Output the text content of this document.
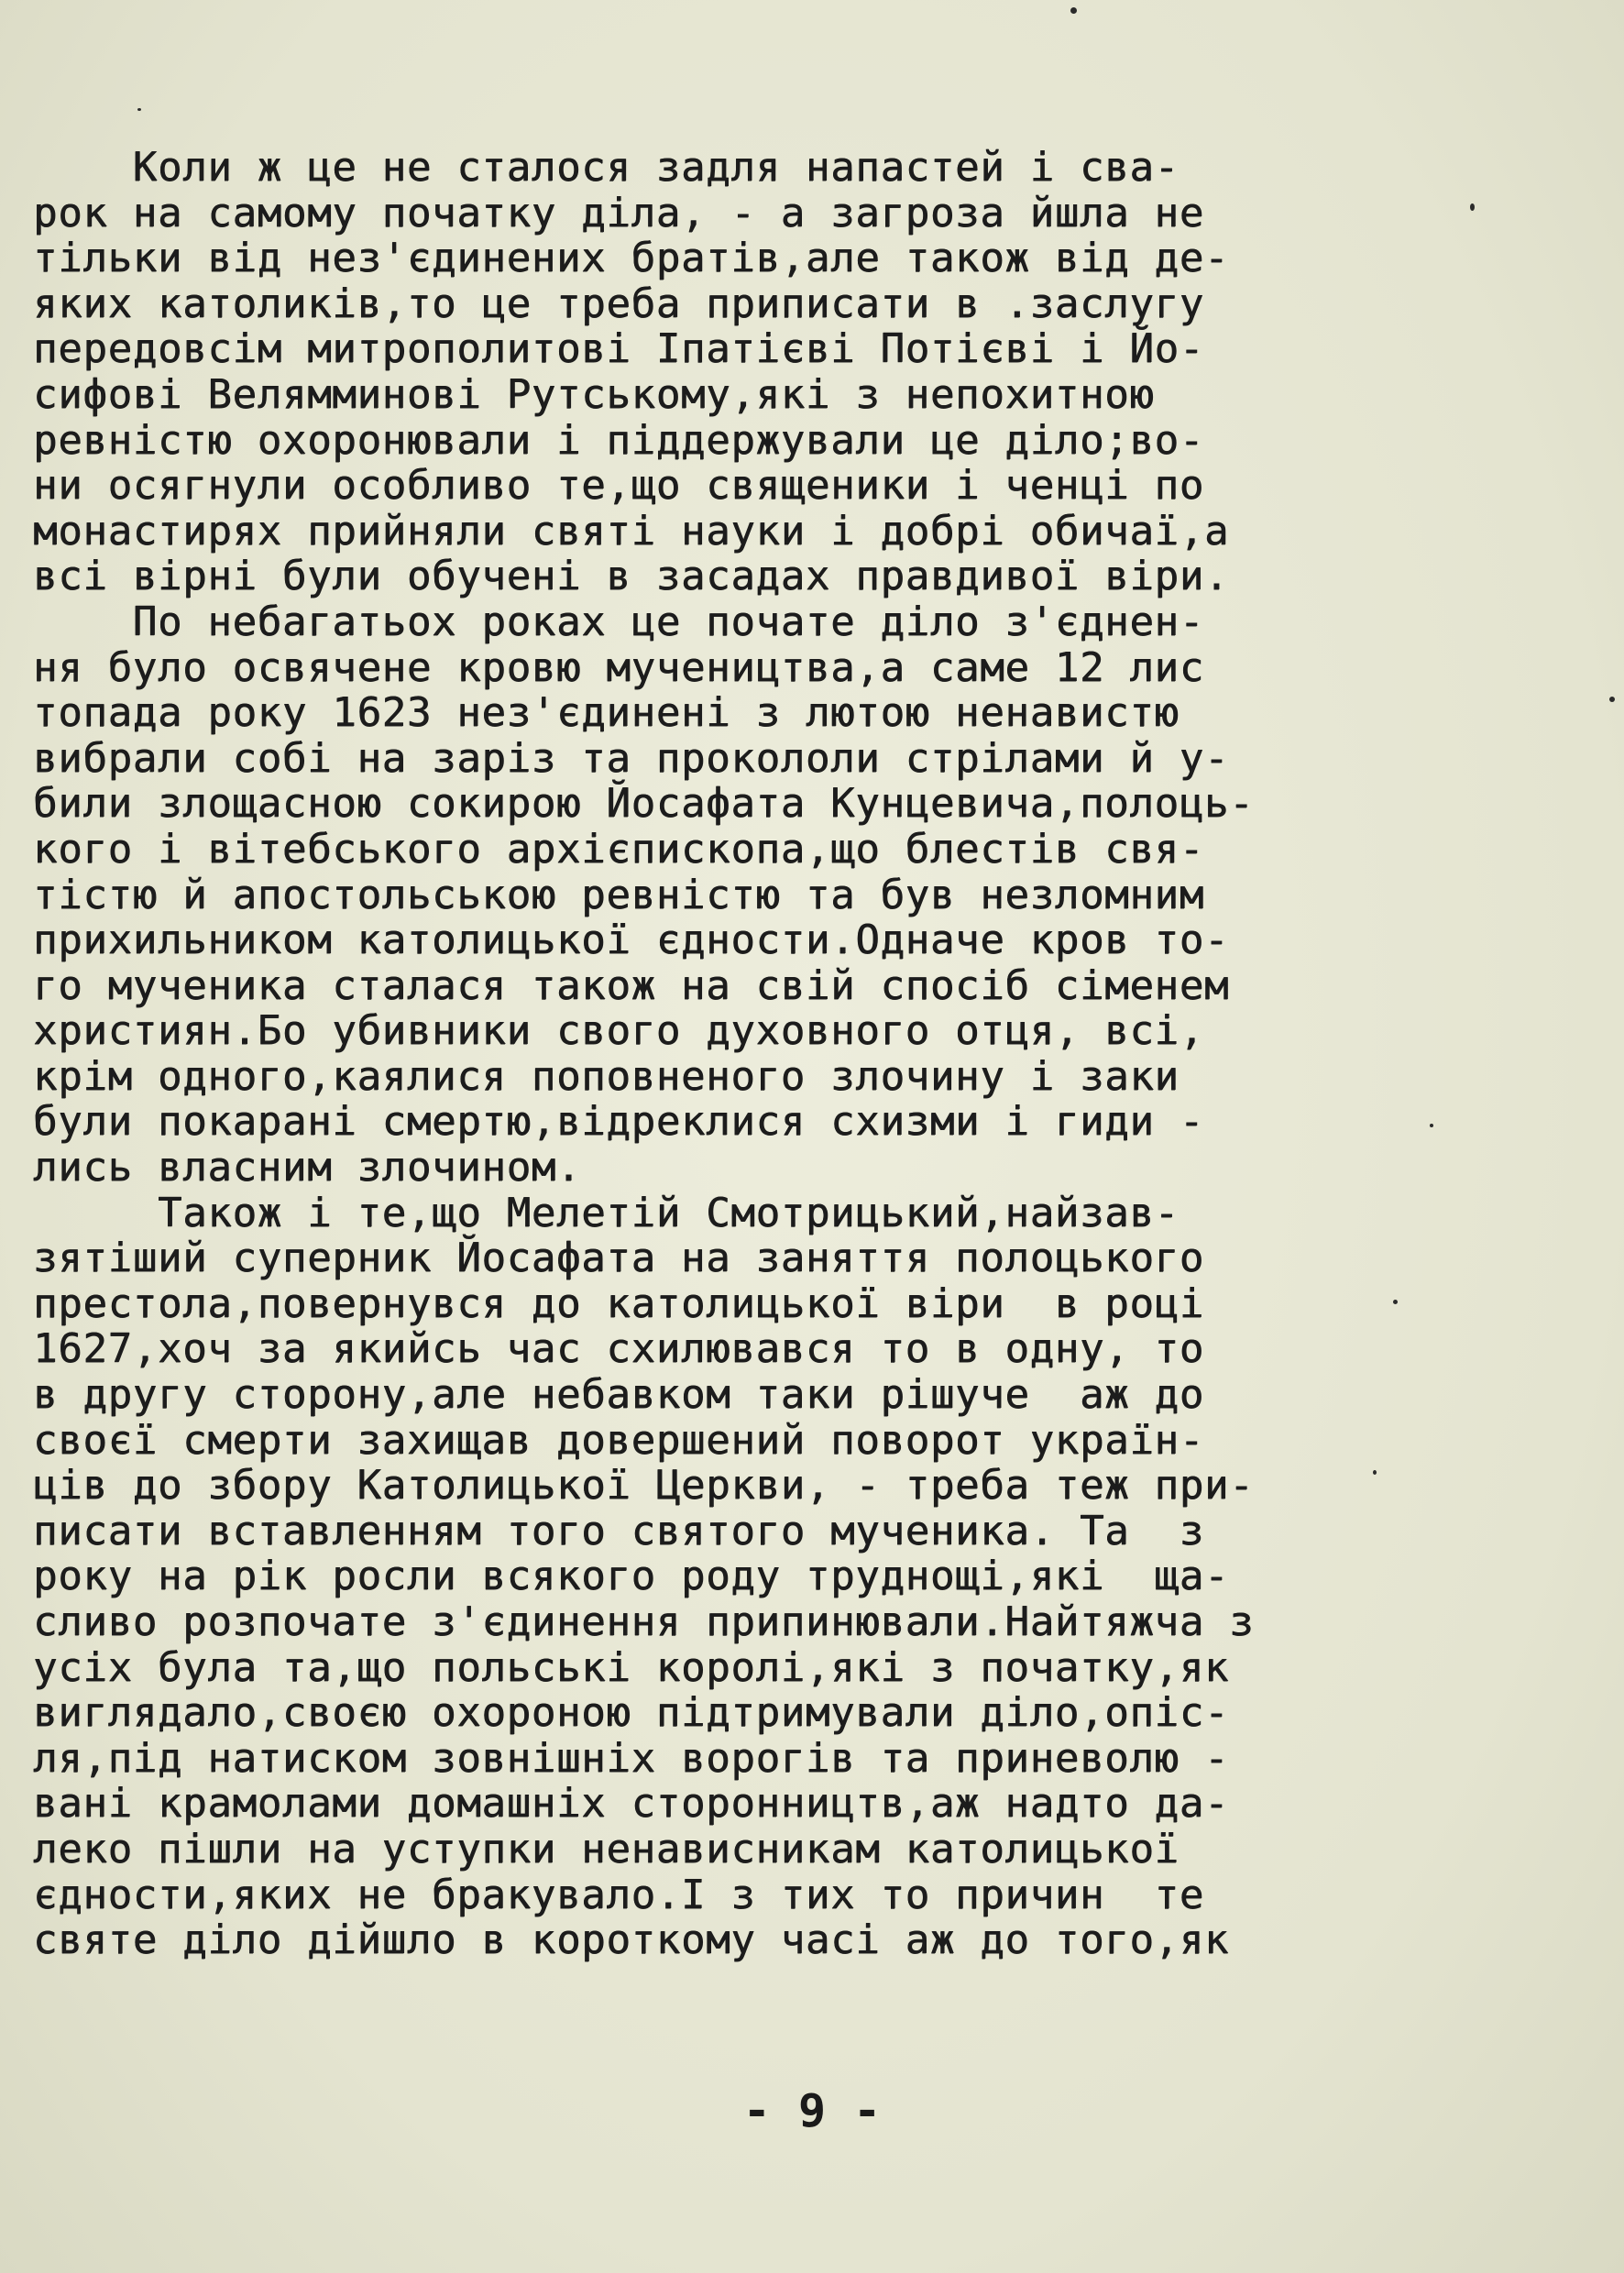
Коли ж це не сталося задля напастей і сва-
рок на самому початку діла, - а загроза йшла не
тільки від нез'єдинених братів,але також від де-
яких католиків,то це треба приписати в .заслугу
передовсім митрополитові Іпатієві Потієві і Йо-
сифові Велямминові Рутському,які з непохитною
ревністю охоронювали і піддержували це діло;во-
ни осягнули особливо те,що священики і ченці по
монастирях прийняли святі науки і добрі обичаї,а
всі вірні були обучені в засадах правдивої віри.
По небагатьох роках це почате діло з'єднен-
ня було освячене кровю мучеництва,а саме 12 лис
топада року 1623 нез'єдинені з лютою ненавистю
вибрали собі на заріз та прокололи стрілами й у-
били злощасною сокирою Йосафата Кунцевича,полоць-
кого і вітебського архієпископа,що блестів свя-
тістю й апостольською ревністю та був незломним
прихильником католицької єдности.Одначе кров то-
го мученика сталася також на свій спосіб сіменем
християн.Бо убивники свого духовного отця, всі,
крім одного,каялися поповненого злочину і заки
були покарані смертю,відреклися схизми і гиди -
лись власним злочином.
Також і те,що Мелетій Смотрицький,найзав-
зятіший суперник Йосафата на заняття полоцького
престола,повернувся до католицької віри  в році
1627,хоч за якийсь час схилювався то в одну, то
в другу сторону,але небавком таки рішуче  аж до
своєї смерти захищав довершений поворот україн-
ців до збору Католицької Церкви, - треба теж при-
писати вставленням того святого мученика. Та  з
року на рік росли всякого роду труднощі,які  ща-
сливо розпочате з'єдинення припинювали.Найтяжча з
усіх була та,що польські королі,які з початку,як
виглядало,своєю охороною підтримували діло,опіс-
ля,під натиском зовнішніх ворогів та приневолю -
вані крамолами домашніх сторонництв,аж надто да-
леко пішли на уступки ненависникам католицької
єдности,яких не бракувало.І з тих то причин  те
святе діло дійшло в короткому часі аж до того,як
- 9 -
